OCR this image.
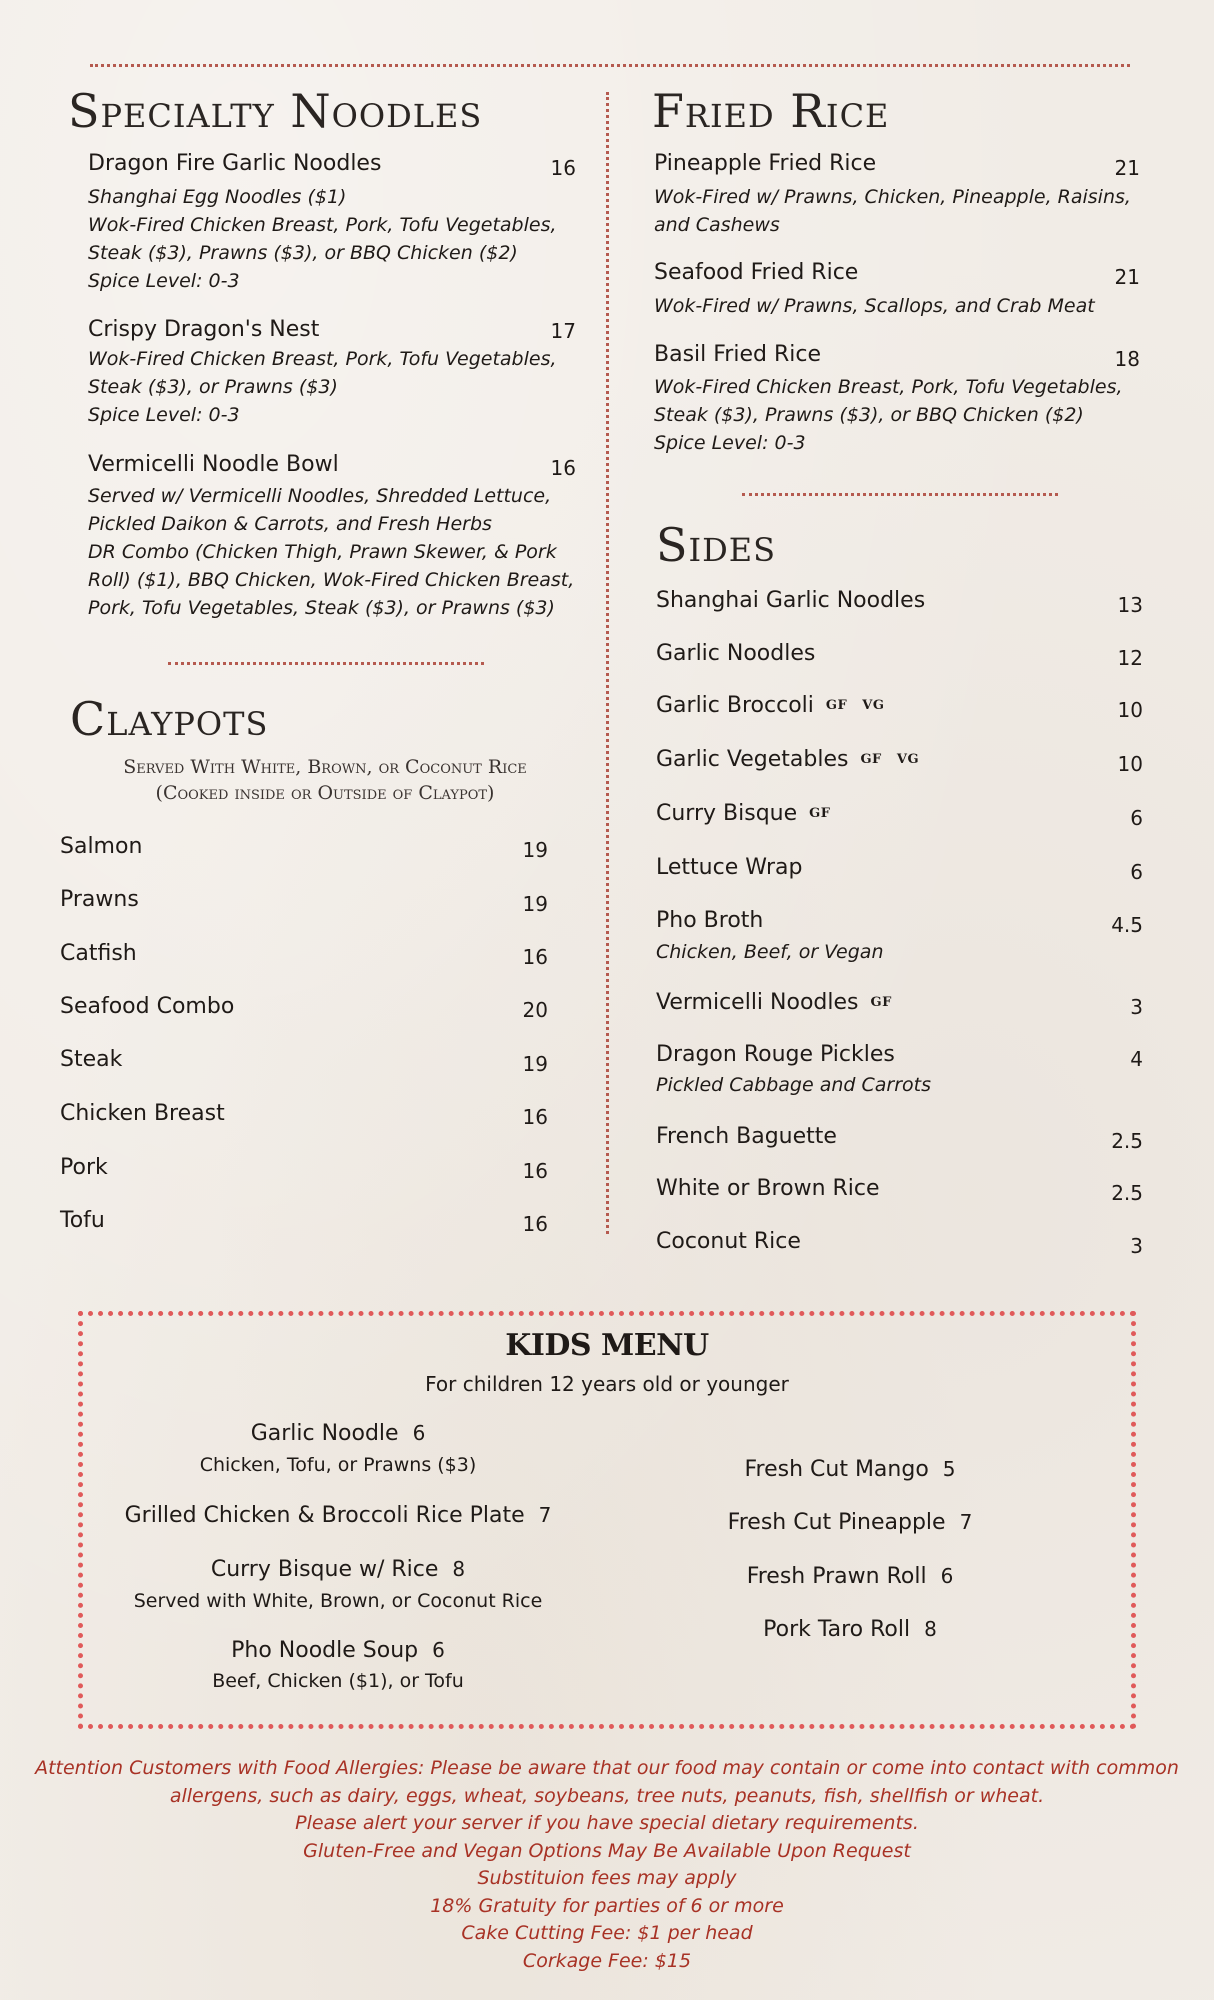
Specialty Noodles
Dragon Fire Garlic Noodles	16
Shanghai Egg Noodles ($1)
Wok-Fired Chicken Breast, Pork, Tofu Vegetables,
Steak ($3), Prawns ($3), or BBQ Chicken ($2)
Spice Level: 0-3
Crispy Dragon's Nest	17
Wok-Fired Chicken Breast, Pork, Tofu Vegetables,
Steak ($3), or Prawns ($3)
Spice Level: 0-3
Vermicelli Noodle Bowl	16
Served w/ Vermicelli Noodles, Shredded Lettuce,
Pickled Daikon & Carrots, and Fresh Herbs
DR Combo (Chicken Thigh, Prawn Skewer, & Pork
Roll) ($1), BBQ Chicken, Wok-Fired Chicken Breast,
Pork, Tofu Vegetables, Steak ($3), or Prawns ($3)
Claypots
Served With White, Brown, or Coconut Rice
(Cooked inside or Outside of Claypot)
Salmon	19
Prawns	19
Catfish	16
Seafood Combo	20
Steak	19
Chicken Breast	16
Pork	16
Tofu	16
Fried Rice
Pineapple Fried Rice	21
Wok-Fired w/ Prawns, Chicken, Pineapple, Raisins,
and Cashews
Seafood Fried Rice	21
Wok-Fired w/ Prawns, Scallops, and Crab Meat
Basil Fried Rice	18
Wok-Fired Chicken Breast, Pork, Tofu Vegetables,
Steak ($3), Prawns ($3), or BBQ Chicken ($2)
Spice Level: 0-3
Sides
Shanghai Garlic Noodles	13
Garlic Noodles	12
Garlic Broccoli GF   VG	10
Garlic Vegetables GF   VG	10
Curry Bisque GF	6
Lettuce Wrap	6
Pho Broth	4.5
Chicken, Beef, or Vegan
Vermicelli Noodles GF	3
Dragon Rouge Pickles	4
Pickled Cabbage and Carrots
French Baguette	2.5
White or Brown Rice	2.5
Coconut Rice	3
KIDS MENU
For children 12 years old or younger
Garlic Noodle 6
Chicken, Tofu, or Prawns ($3)
Grilled Chicken & Broccoli Rice Plate 7
Curry Bisque w/ Rice 8
Served with White, Brown, or Coconut Rice
Pho Noodle Soup 6
Beef, Chicken ($1), or Tofu
Fresh Cut Mango 5
Fresh Cut Pineapple 7
Fresh Prawn Roll 6
Pork Taro Roll 8
Attention Customers with Food Allergies: Please be aware that our food may contain or come into contact with common
allergens, such as dairy, eggs, wheat, soybeans, tree nuts, peanuts, fish, shellfish or wheat.
Please alert your server if you have special dietary requirements.
Gluten-Free and Vegan Options May Be Available Upon Request
Substituion fees may apply
18% Gratuity for parties of 6 or more
Cake Cutting Fee: $1 per head
Corkage Fee: $15
